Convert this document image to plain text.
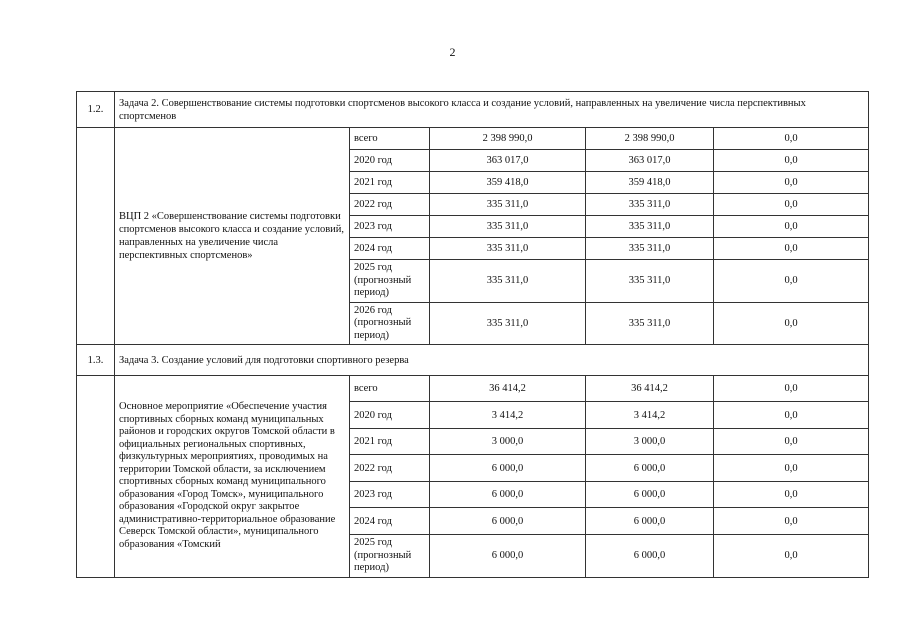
2
1.2.	Задача 2. Совершенствование системы подготовки спортсменов высокого класса и создание условий, направленных на увеличение числа перспективных спортсменов				
	ВЦП 2 «Совершенствование системы подготовки спортсменов высокого класса и создание условий, направленных на увеличение числа перспективных спортсменов»	всего	2 398 990,0	2 398 990,0	0,0
		2020 год	363 017,0	363 017,0	0,0
		2021 год	359 418,0	359 418,0	0,0
		2022 год	335 311,0	335 311,0	0,0
		2023 год	335 311,0	335 311,0	0,0
		2024 год	335 311,0	335 311,0	0,0
		2025 год (прогнозный период)	335 311,0	335 311,0	0,0
		2026 год (прогнозный период)	335 311,0	335 311,0	0,0
1.3.	Задача 3. Создание условий для подготовки спортивного резерва				
	Основное мероприятие «Обеспечение участия спортивных сборных команд муниципальных районов и городских округов Томской области в официальных региональных спортивных, физкультурных мероприятиях, проводимых на территории Томской области, за исключением спортивных сборных команд муниципального образования «Город Томск», муниципального образования «Городской округ закрытое административно-территориальное образование Северск Томской области», муниципального образования «Томский	всего	36 414,2	36 414,2	0,0
		2020 год	3 414,2	3 414,2	0,0
		2021 год	3 000,0	3 000,0	0,0
		2022 год	6 000,0	6 000,0	0,0
		2023 год	6 000,0	6 000,0	0,0
		2024 год	6 000,0	6 000,0	0,0
		2025 год (прогнозный период)	6 000,0	6 000,0	0,0
